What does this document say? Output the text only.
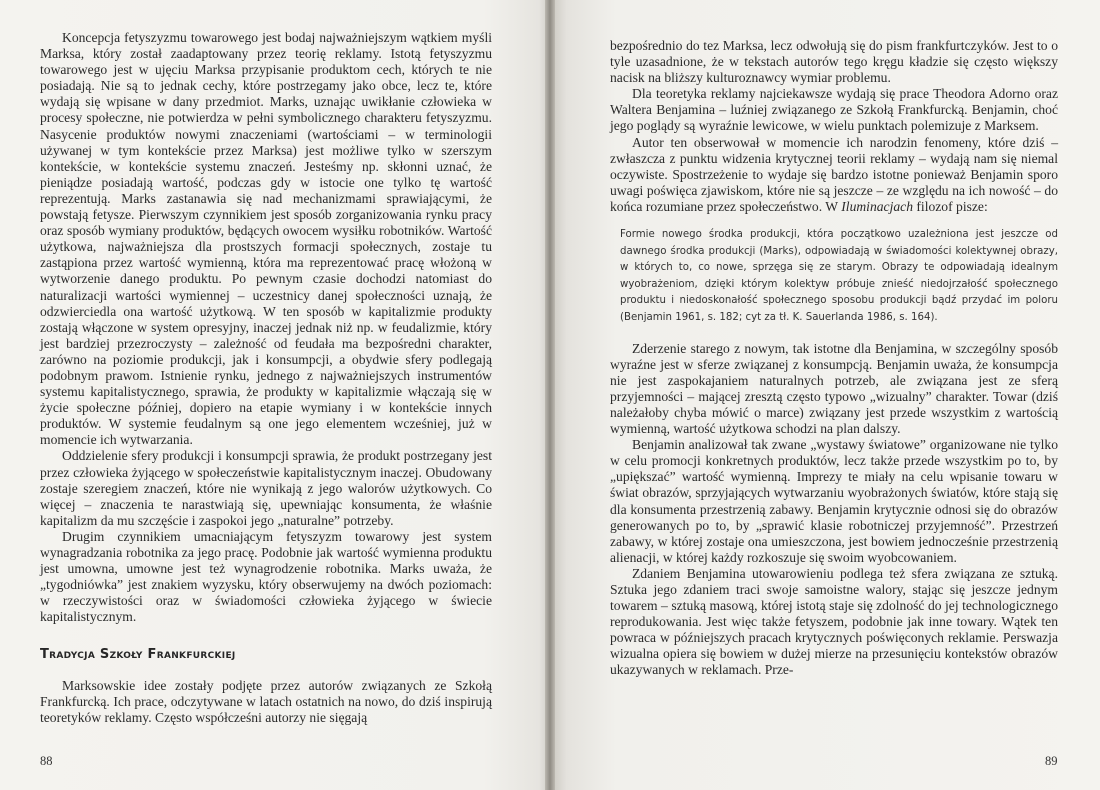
Koncepcja fetyszyzmu towarowego jest bodaj najważniejszym wątkiem myśli Marksa, który został zaadaptowany przez teorię reklamy. Istotą fetyszyzmu towarowego jest w ujęciu Marksa przypisanie produktom cech, których te nie posiadają. Nie są to jednak cechy, które postrzegamy jako obce, lecz te, które wydają się wpisane w dany przedmiot. Marks, uznając uwikłanie człowieka w procesy społeczne, nie potwierdza w pełni symbolicznego charakteru fetyszyzmu. Nasycenie produktów nowymi znaczeniami (wartościami – w terminologii używanej w tym kontekście przez Marksa) jest możliwe tylko w szerszym kontekście, w kontekście systemu znaczeń. Jesteśmy np. skłonni uznać, że pieniądze posiadają wartość, podczas gdy w istocie one tylko tę wartość reprezentują. Marks zastanawia się nad mechanizmami sprawiającymi, że powstają fetysze. Pierwszym czynnikiem jest sposób zorganizowania rynku pracy oraz sposób wymiany produktów, będących owocem wysiłku robotników. Wartość użytkowa, najważniejsza dla prostszych formacji społecznych, zostaje tu zastąpiona przez wartość wymienną, która ma reprezentować pracę włożoną w wytworzenie danego produktu. Po pewnym czasie dochodzi natomiast do naturalizacji wartości wymiennej – uczestnicy danej społeczności uznają, że odzwierciedla ona wartość użytkową. W ten sposób w kapitalizmie produkty zostają włączone w system opresyjny, inaczej jednak niż np. w feudalizmie, który jest bardziej przezroczysty – zależność od feudała ma bezpośredni charakter, zarówno na poziomie produkcji, jak i konsumpcji, a obydwie sfery podlegają podobnym prawom. Istnienie rynku, jednego z najważniejszych instrumentów systemu kapitalistycznego, sprawia, że produkty w kapitalizmie włączają się w życie społeczne później, dopiero na etapie wymiany i w kontekście innych produktów. W systemie feudalnym są one jego elementem wcześniej, już w momencie ich wytwarzania.

Oddzielenie sfery produkcji i konsumpcji sprawia, że produkt postrzegany jest przez człowieka żyjącego w społeczeństwie kapitalistycznym inaczej. Obudowany zostaje szeregiem znaczeń, które nie wynikają z jego walorów użytkowych. Co więcej – znaczenia te narastwiają się, upewniając konsumenta, że właśnie kapitalizm da mu szczęście i zaspokoi jego „naturalne” potrzeby.

Drugim czynnikiem umacniającym fetyszyzm towarowy jest system wynagradzania robotnika za jego pracę. Podobnie jak wartość wymienna produktu jest umowna, umowne jest też wynagrodzenie robotnika. Marks uważa, że „tygodniówka” jest znakiem wyzysku, który obserwujemy na dwóch poziomach: w rzeczywistości oraz w świadomości człowieka żyjącego w świecie kapitalistycznym.

Tradycja Szkoły Frankfurckiej

Marksowskie idee zostały podjęte przez autorów związanych ze Szkołą Frankfurcką. Ich prace, odczytywane w latach ostatnich na nowo, do dziś inspirują teoretyków reklamy. Często współcześni autorzy nie sięgają

88

bezpośrednio do tez Marksa, lecz odwołują się do pism frankfurtczyków. Jest to o tyle uzasadnione, że w tekstach autorów tego kręgu kładzie się często większy nacisk na bliższy kulturoznawcy wymiar problemu.

Dla teoretyka reklamy najciekawsze wydają się prace Theodora Adorno oraz Waltera Benjamina – luźniej związanego ze Szkołą Frankfurcką. Benjamin, choć jego poglądy są wyraźnie lewicowe, w wielu punktach polemizuje z Marksem.

Autor ten obserwował w momencie ich narodzin fenomeny, które dziś – zwłaszcza z punktu widzenia krytycznej teorii reklamy – wydają nam się niemal oczywiste. Spostrzeżenie to wydaje się bardzo istotne ponieważ Benjamin sporo uwagi poświęca zjawiskom, które nie są jeszcze – ze względu na ich nowość – do końca rozumiane przez społeczeństwo. W Iluminacjach filozof pisze:

Formie nowego środka produkcji, która początkowo uzależniona jest jeszcze od dawnego środka produkcji (Marks), odpowiadają w świadomości kolektywnej obrazy, w których to, co nowe, sprzęga się ze starym. Obrazy te odpowiadają idealnym wyobrażeniom, dzięki którym kolektyw próbuje znieść niedojrzałość społecznego produktu i niedoskonałość społecznego sposobu produkcji bądź przydać im poloru (Benjamin 1961, s. 182; cyt za tł. K. Sauerlanda 1986, s. 164).

Zderzenie starego z nowym, tak istotne dla Benjamina, w szczególny sposób wyraźne jest w sferze związanej z konsumpcją. Benjamin uważa, że konsumpcja nie jest zaspokajaniem naturalnych potrzeb, ale związana jest ze sferą przyjemności – mającej zresztą często typowo „wizualny” charakter. Towar (dziś należałoby chyba mówić o marce) związany jest przede wszystkim z wartością wymienną, wartość użytkowa schodzi na plan dalszy.

Benjamin analizował tak zwane „wystawy światowe” organizowane nie tylko w celu promocji konkretnych produktów, lecz także przede wszystkim po to, by „upiększać” wartość wymienną. Imprezy te miały na celu wpisanie towaru w świat obrazów, sprzyjających wytwarzaniu wyobrażonych światów, które stają się dla konsumenta przestrzenią zabawy. Benjamin krytycznie odnosi się do obrazów generowanych po to, by „sprawić klasie robotniczej przyjemność”. Przestrzeń zabawy, w której zostaje ona umieszczona, jest bowiem jednocześnie przestrzenią alienacji, w której każdy rozkoszuje się swoim wyobcowaniem.

Zdaniem Benjamina utowarowieniu podlega też sfera związana ze sztuką. Sztuka jego zdaniem traci swoje samoistne walory, stając się jeszcze jednym towarem – sztuką masową, której istotą staje się zdolność do jej technologicznego reprodukowania. Jest więc także fetyszem, podobnie jak inne towary. Wątek ten powraca w późniejszych pracach krytycznych poświęconych reklamie. Perswazja wizualna opiera się bowiem w dużej mierze na przesunięciu kontekstów obrazów ukazywanych w reklamach. Prze-

89
